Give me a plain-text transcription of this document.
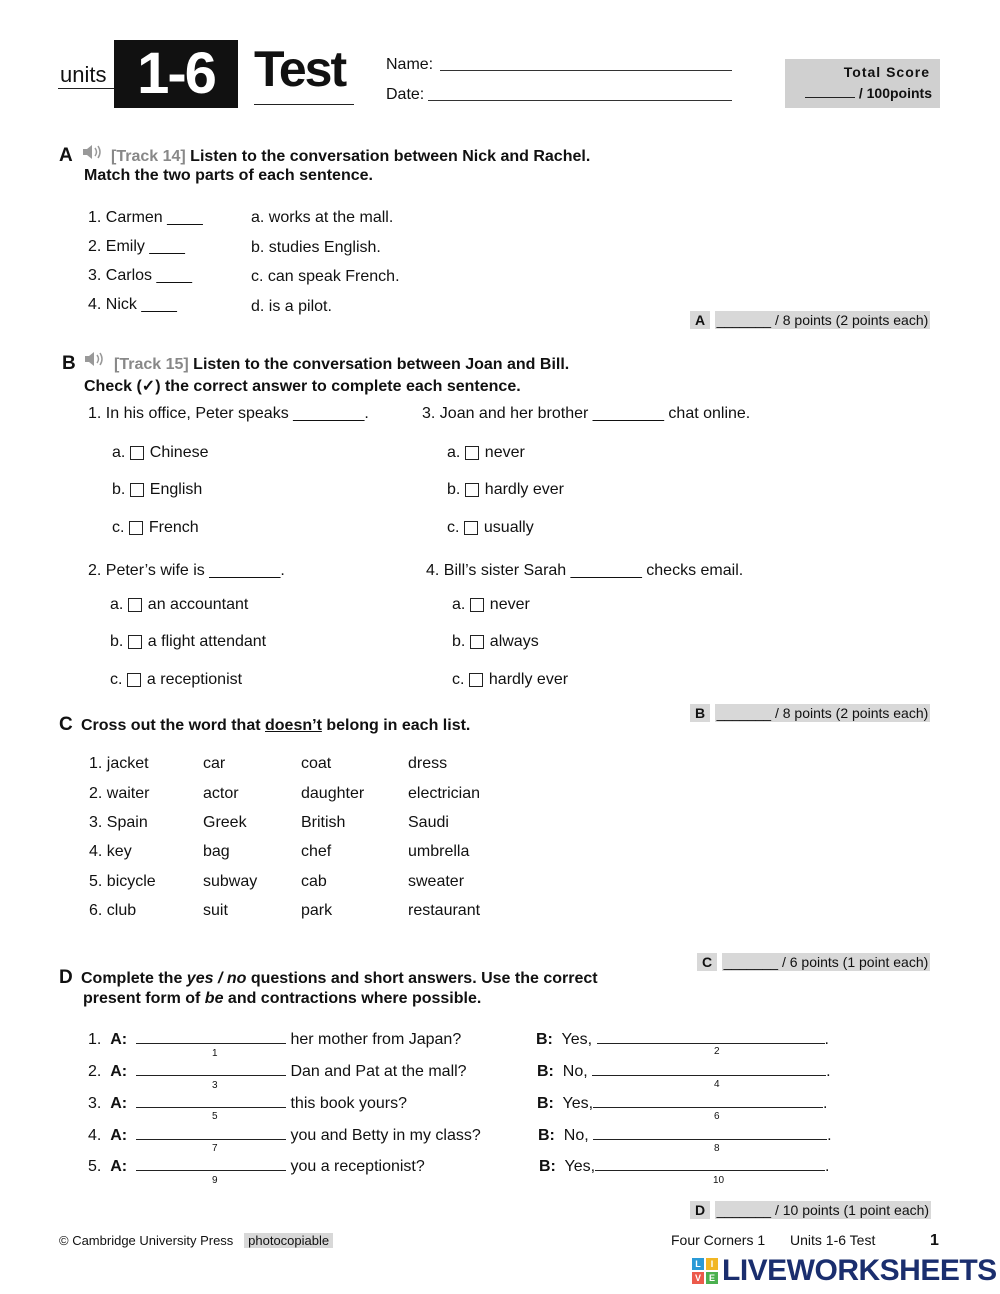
units 1-6 Test	Name:
Date:
Total Score
/ 100points
A [Track 14] Listen to the conversation between Nick and Rachel.
Match the two parts of each sentence.
1. Carmen ____
2. Emily ____
3. Carlos ____
4. Nick ____
a. works at the mall.
b. studies English.
c. can speak French.
d. is a pilot.
A _______ / 8 points (2 points each)
B [Track 15] Listen to the conversation between Joan and Bill.
Check (✓) the correct answer to complete each sentence.
1. In his office, Peter speaks ________.
a. Chinese
b. English
c. French
3. Joan and her brother ________ chat online.
a. never
b. hardly ever
c. usually
2. Peter’s wife is ________.
a. an accountant
b. a flight attendant
c. a receptionist
4. Bill’s sister Sarah ________ checks email.
a. never
b. always
c. hardly ever
B _______ / 8 points (2 points each)
C Cross out the word that doesn’t belong in each list.
1. jacket	car	coat	dress
2. waiter	actor	daughter	electrician
3. Spain	Greek	British	Saudi
4. key	bag	chef	umbrella
5. bicycle	subway	cab	sweater
6. club	suit	park	restaurant
C _______ / 6 points (1 point each)
D Complete the yes / no questions and short answers. Use the correct
present form of be and contractions where possible.
1. A:	her mother from Japan?
1
B: Yes,	.
2
2. A:	Dan and Pat at the mall?
3
B: No,	.
4
3. A:	this book yours?
5
B: Yes,	.
6
4. A:	you and Betty in my class?
7
B: No,	.
8
5. A:	you a receptionist?
9
B: Yes,	.
10
D _______ / 10 points (1 point each)
© Cambridge University Press photocopiable	Four Corners 1 Units 1-6 Test	1
L	I
V E LIVEWORKSHEETS
